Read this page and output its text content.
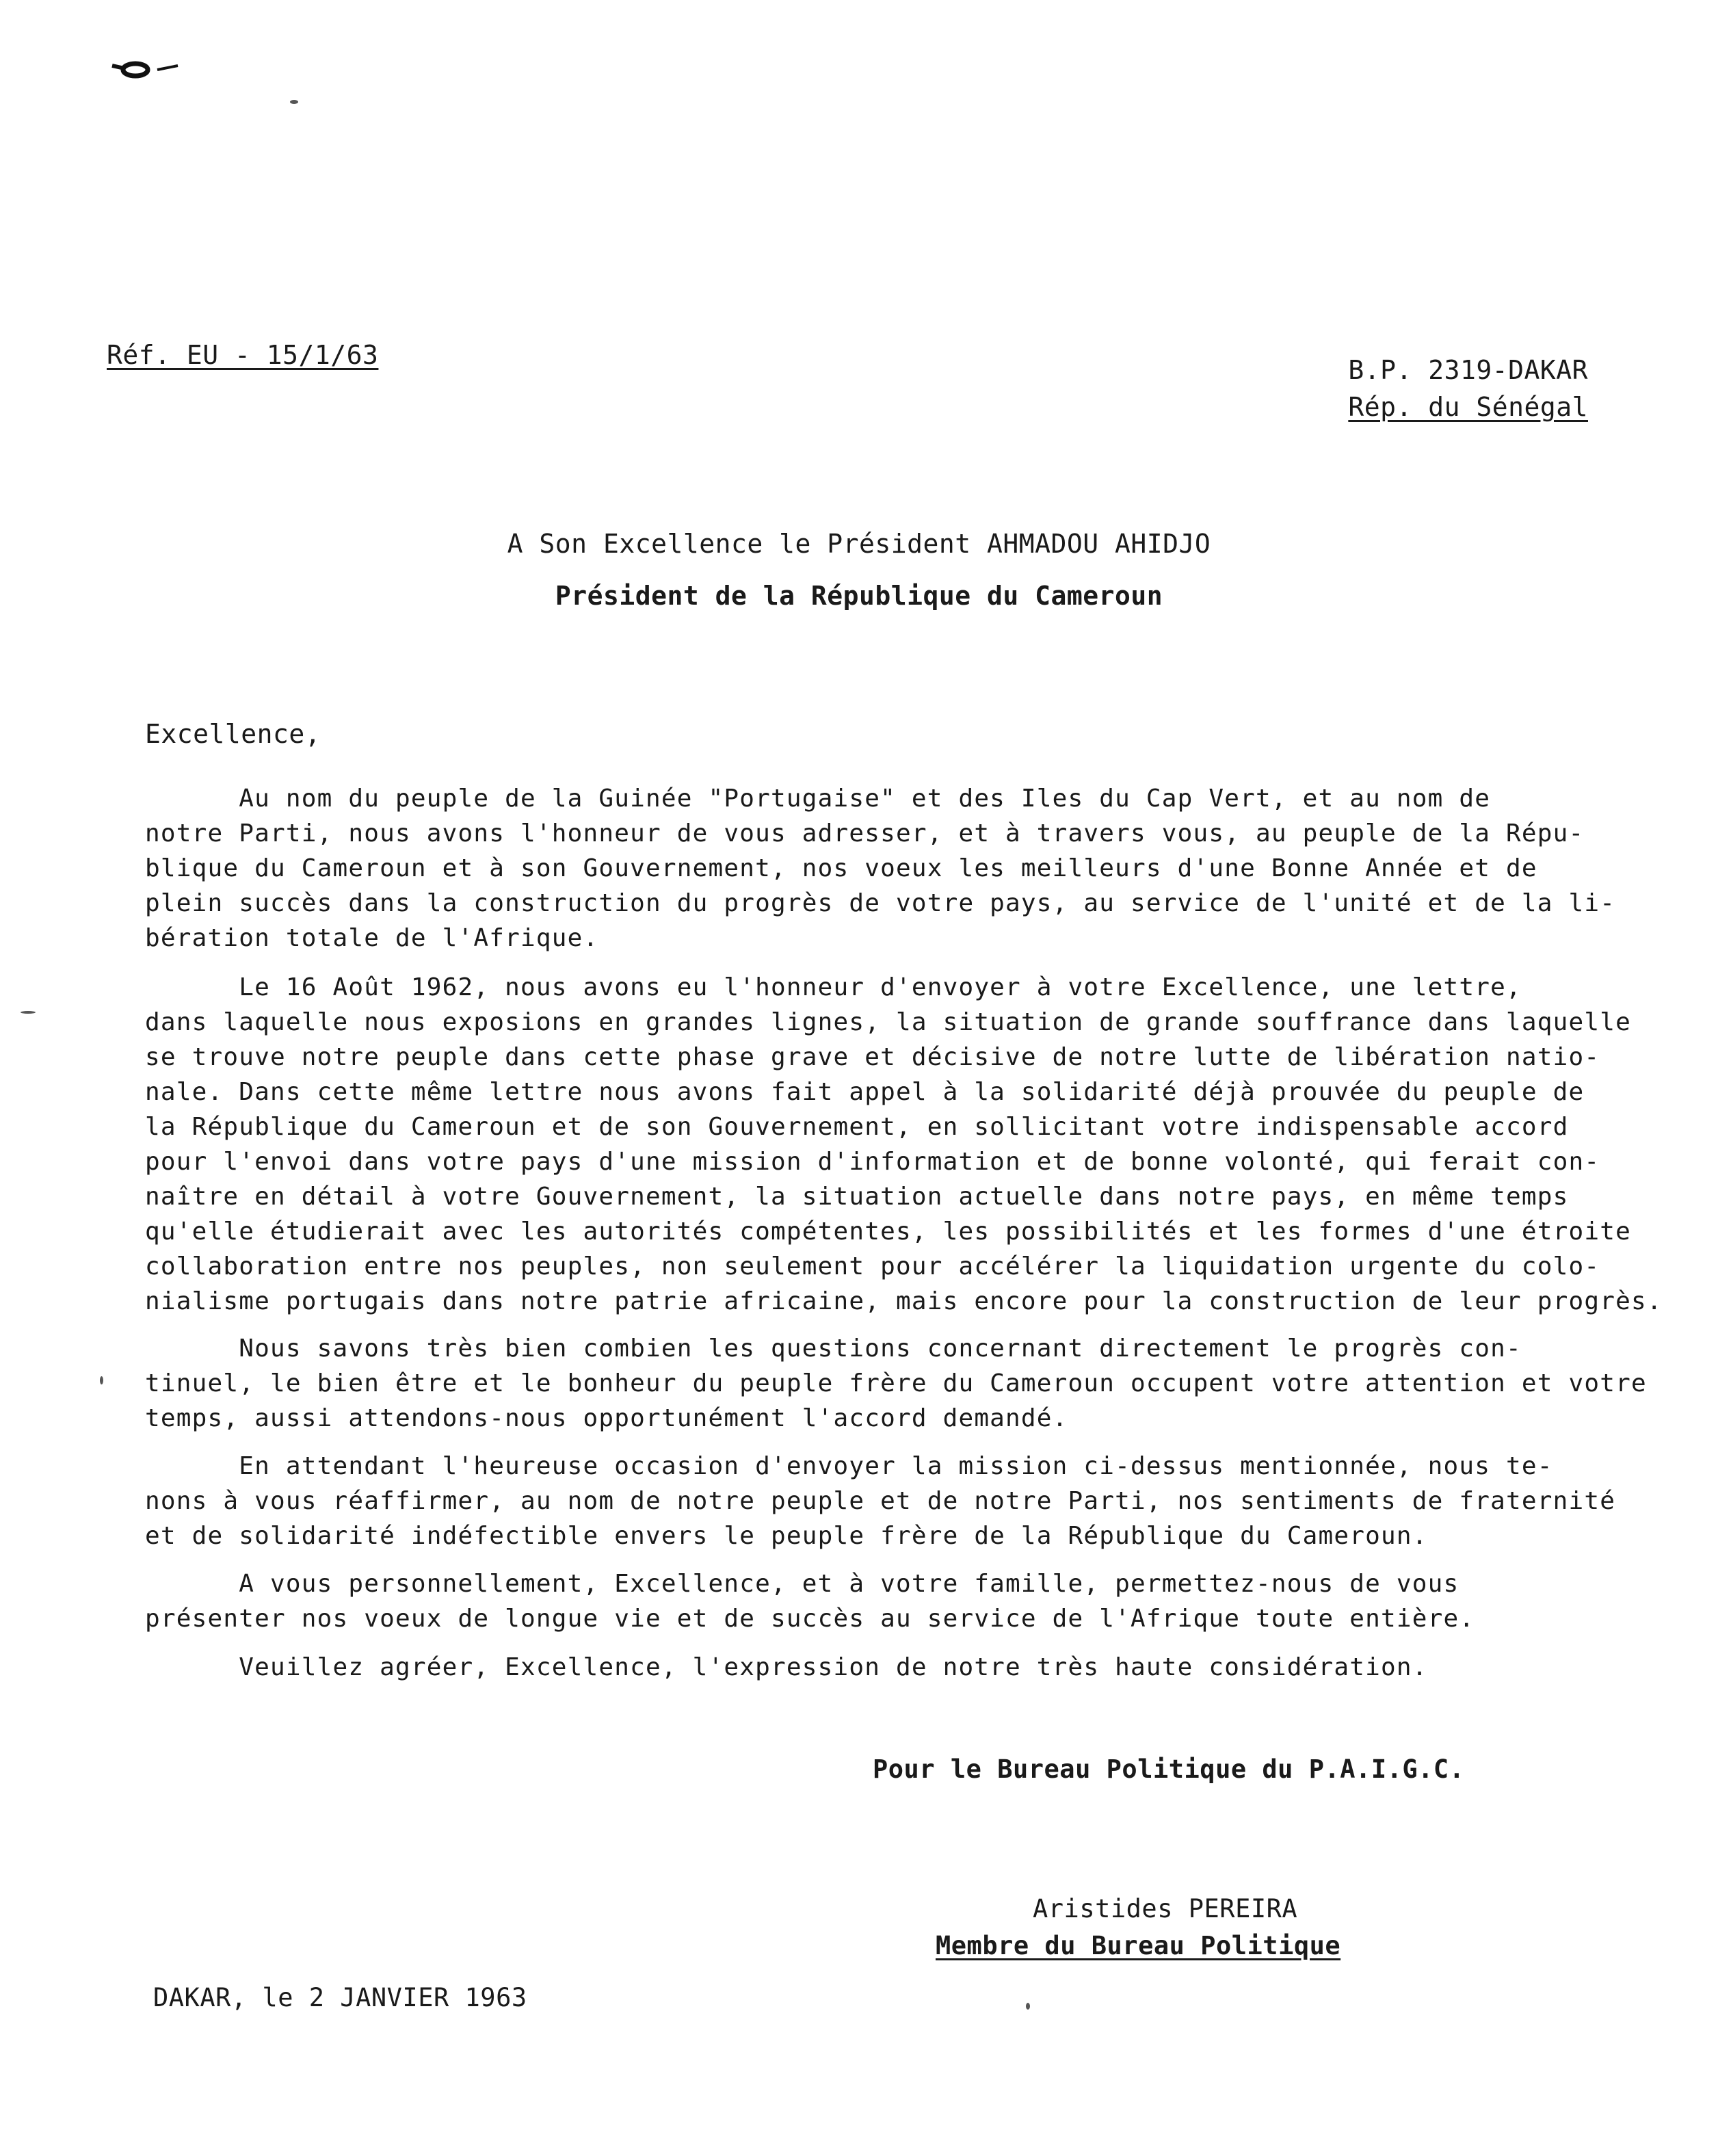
Réf. EU - 15/1/63	B.P. 2319-DAKAR
Rép. du Sénégal
A Son Excellence le Président AHMADOU AHIDJO
Président de la République du Cameroun
Excellence,
Au nom du peuple de la Guinée "Portugaise" et des Iles du Cap Vert, et au nom de
notre Parti, nous avons l'honneur de vous adresser, et à travers vous, au peuple de la Répu-
blique du Cameroun et à son Gouvernement, nos voeux les meilleurs d'une Bonne Année et de
plein succès dans la construction du progrès de votre pays, au service de l'unité et de la li-
bération totale de l'Afrique.
Le 16 Août 1962, nous avons eu l'honneur d'envoyer à votre Excellence, une lettre,
dans laquelle nous exposions en grandes lignes, la situation de grande souffrance dans laquelle
se trouve notre peuple dans cette phase grave et décisive de notre lutte de libération natio-
nale. Dans cette même lettre nous avons fait appel à la solidarité déjà prouvée du peuple de
la République du Cameroun et de son Gouvernement, en sollicitant votre indispensable accord
pour l'envoi dans votre pays d'une mission d'information et de bonne volonté, qui ferait con-
naître en détail à votre Gouvernement, la situation actuelle dans notre pays, en même temps
qu'elle étudierait avec les autorités compétentes, les possibilités et les formes d'une étroite
collaboration entre nos peuples, non seulement pour accélérer la liquidation urgente du colo-
nialisme portugais dans notre patrie africaine, mais encore pour la construction de leur progrès.
Nous savons très bien combien les questions concernant directement le progrès con-
tinuel, le bien être et le bonheur du peuple frère du Cameroun occupent votre attention et votre
temps, aussi attendons-nous opportunément l'accord demandé.
En attendant l'heureuse occasion d'envoyer la mission ci-dessus mentionnée, nous te-
nons à vous réaffirmer, au nom de notre peuple et de notre Parti, nos sentiments de fraternité
et de solidarité indéfectible envers le peuple frère de la République du Cameroun.
A vous personnellement, Excellence, et à votre famille, permettez-nous de vous
présenter nos voeux de longue vie et de succès au service de l'Afrique toute entière.
Veuillez agréer, Excellence, l'expression de notre très haute considération.
Pour le Bureau Politique du P.A.I.G.C.
Aristides PEREIRA
Membre du Bureau Politique
DAKAR, le 2 JANVIER 1963
